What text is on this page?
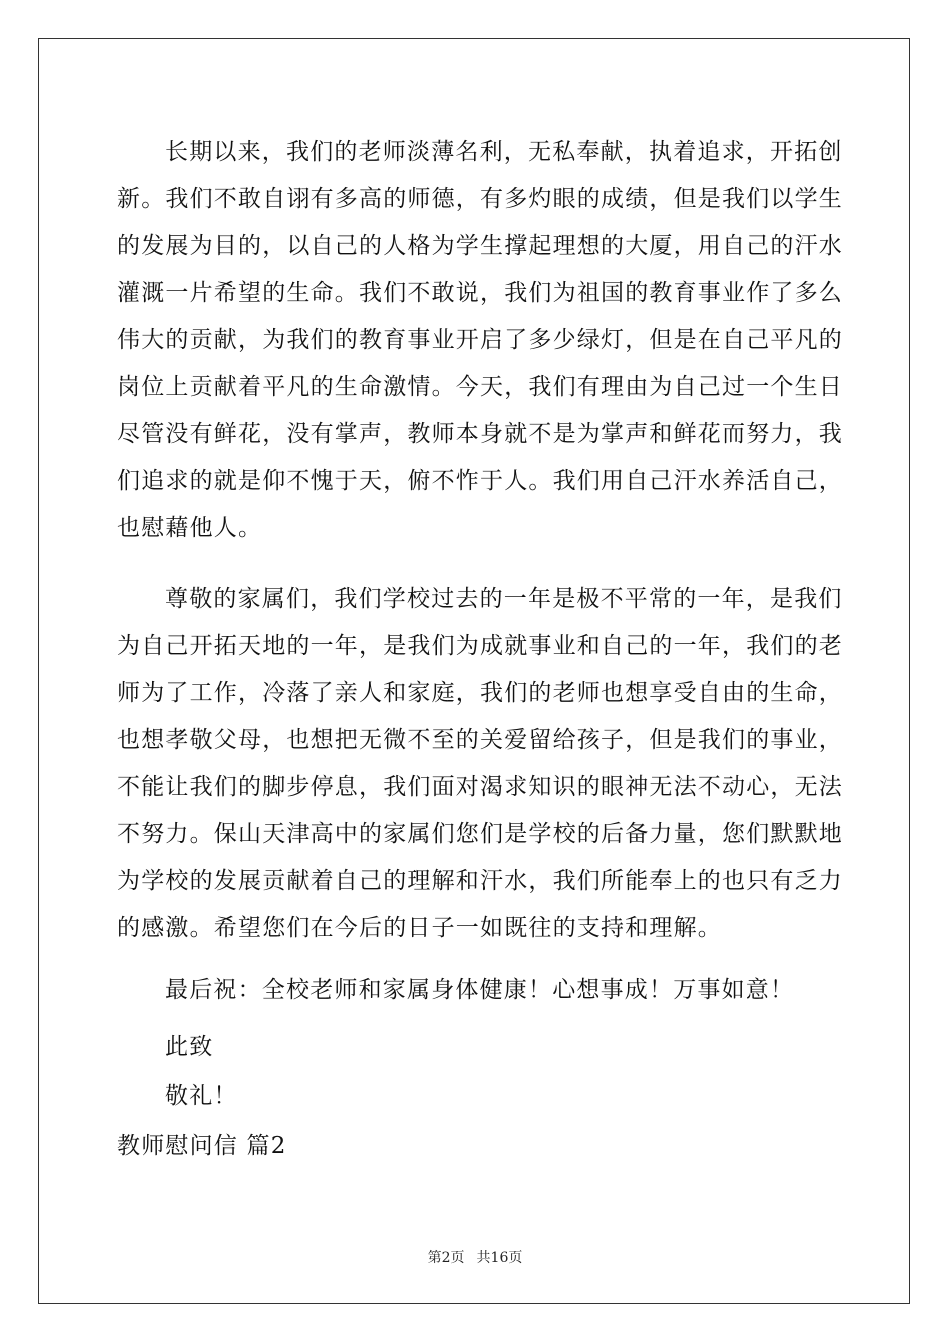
长期以来，我们的老师淡薄名利，无私奉献，执着追求，开拓创
新。我们不敢自诩有多高的师德，有多灼眼的成绩，但是我们以学生
的发展为目的，以自己的人格为学生撑起理想的大厦，用自己的汗水
灌溉一片希望的生命。我们不敢说，我们为祖国的教育事业作了多么
伟大的贡献，为我们的教育事业开启了多少绿灯，但是在自己平凡的
岗位上贡献着平凡的生命激情。今天，我们有理由为自己过一个生日
尽管没有鲜花，没有掌声，教师本身就不是为掌声和鲜花而努力，我
们追求的就是仰不愧于天，俯不怍于人。我们用自己汗水养活自己，
也慰藉他人。
尊敬的家属们，我们学校过去的一年是极不平常的一年，是我们
为自己开拓天地的一年，是我们为成就事业和自己的一年，我们的老
师为了工作，冷落了亲人和家庭，我们的老师也想享受自由的生命，
也想孝敬父母，也想把无微不至的关爱留给孩子，但是我们的事业，
不能让我们的脚步停息，我们面对渴求知识的眼神无法不动心，无法
不努力。保山天津高中的家属们您们是学校的后备力量，您们默默地
为学校的发展贡献着自己的理解和汗水，我们所能奉上的也只有乏力
的感激。希望您们在今后的日子一如既往的支持和理解。
最后祝：全校老师和家属身体健康！心想事成！万事如意！
此致
敬礼！
教师慰问信 篇2
第2页 共16页
